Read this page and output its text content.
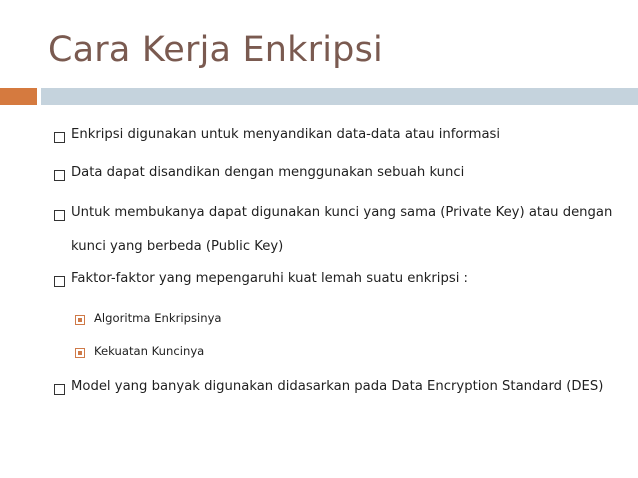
Cara Kerja Enkripsi

Enkripsi digunakan untuk menyandikan data-data atau informasi

Data dapat disandikan dengan menggunakan sebuah kunci

Untuk membukanya dapat digunakan kunci yang sama (Private Key) atau dengan kunci yang berbeda (Public Key)

Faktor-faktor yang mepengaruhi kuat lemah suatu enkripsi :

Algoritma Enkripsinya

Kekuatan Kuncinya

Model yang banyak digunakan didasarkan pada Data Encryption Standard (DES)
